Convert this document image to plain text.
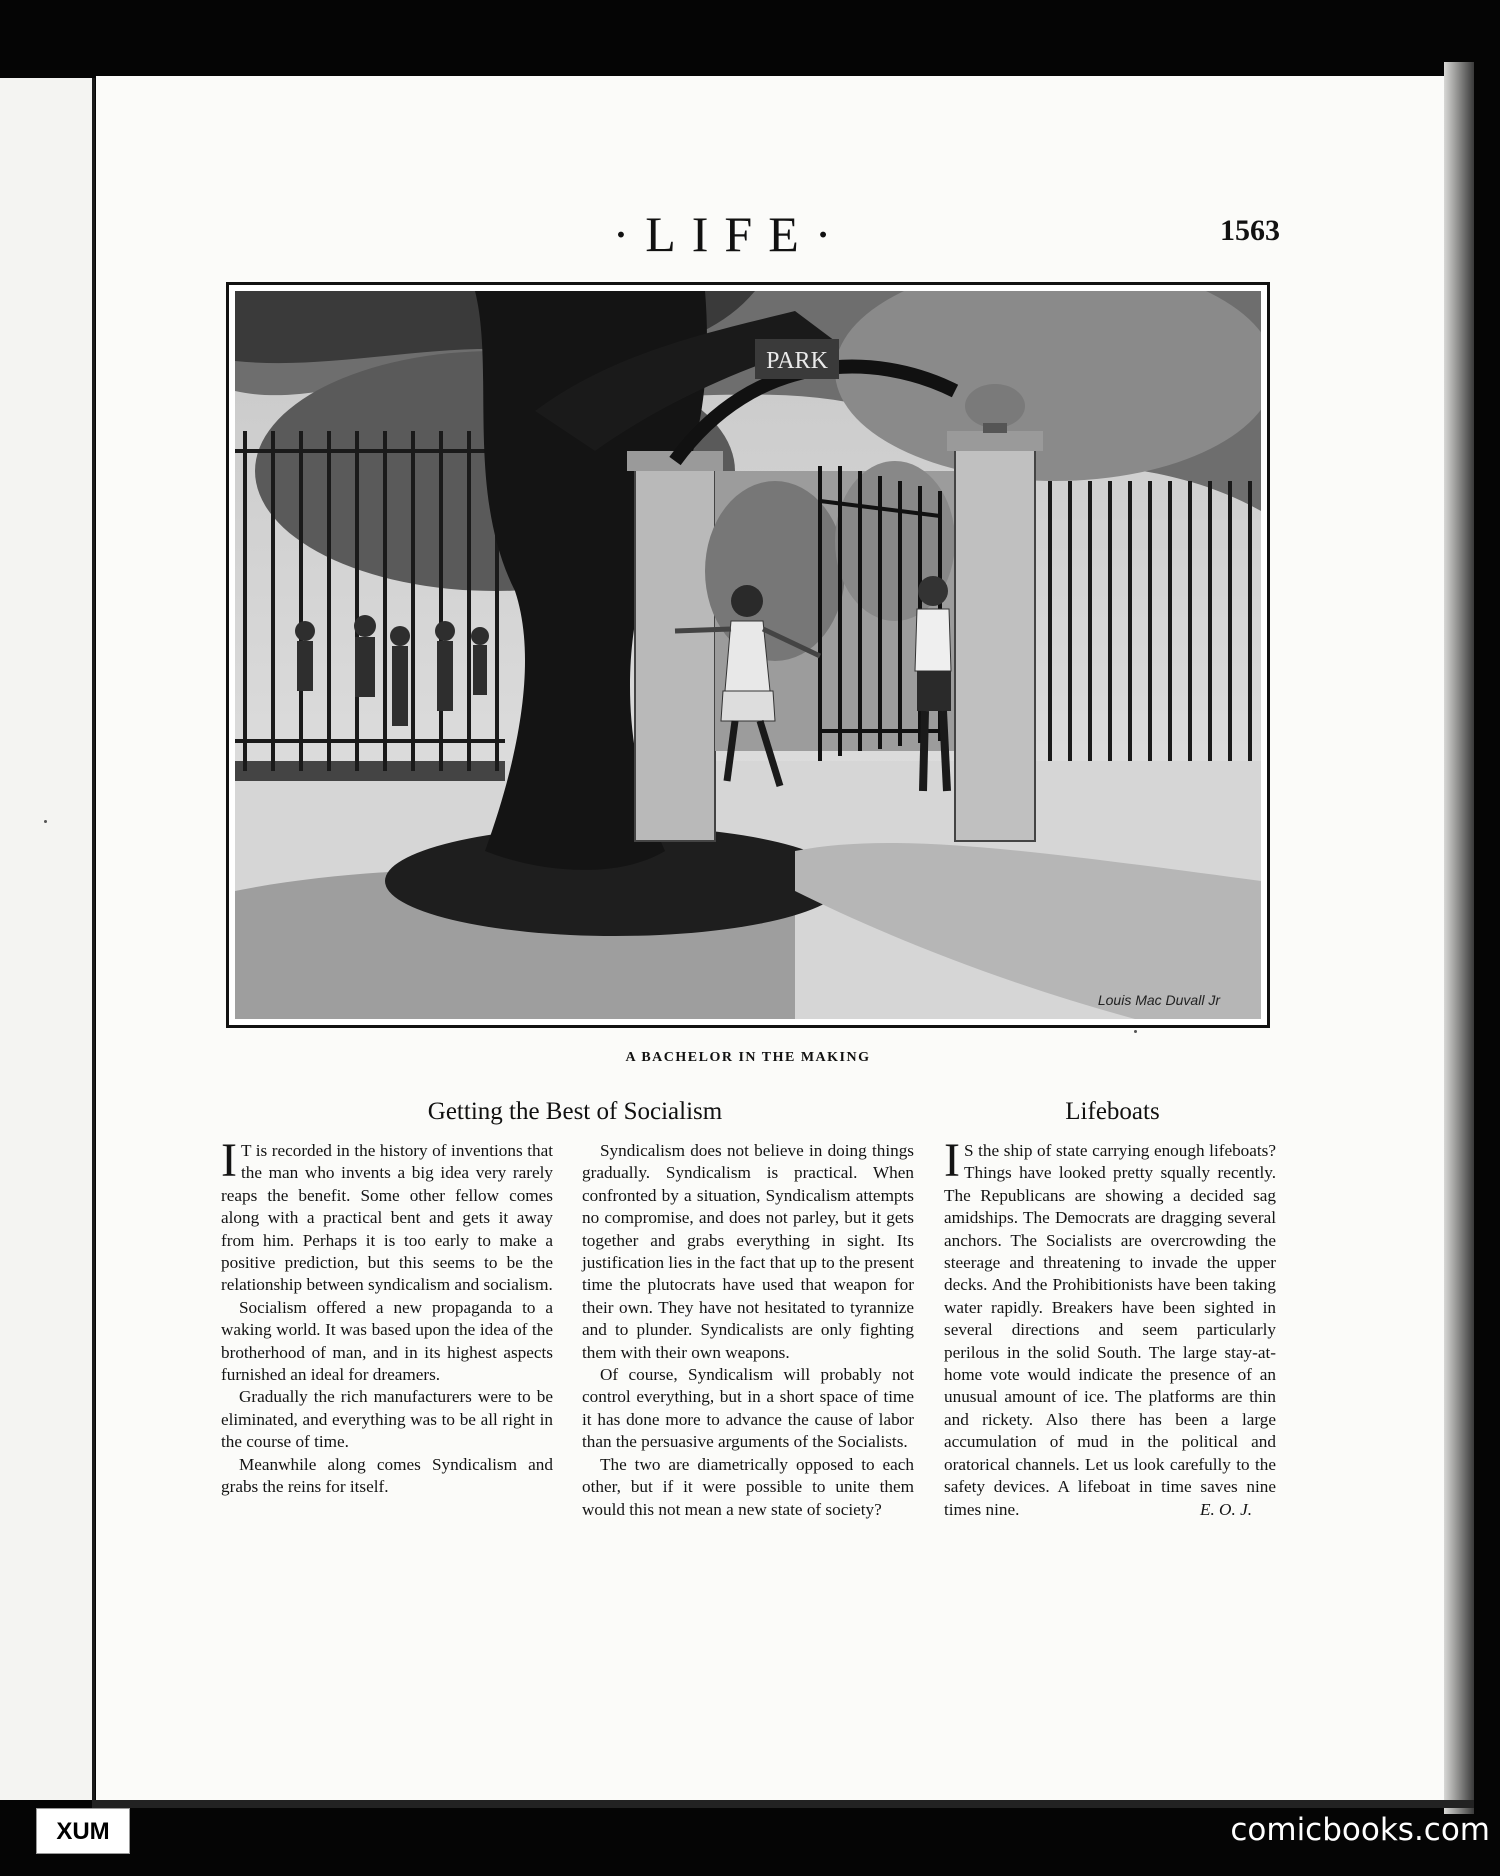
·LIFE·	1563
PARK
Louis Mac Duvall Jr
A BACHELOR IN THE MAKING
Getting the Best of Socialism	Lifeboats

I T is recorded in the history of inventions that the man who invents a big idea very rarely reaps the benefit. Some other fellow comes along with a practical bent and gets it away from him. Perhaps it is too early to make a positive prediction, but this seems to be the relationship between syndicalism and socialism.

Socialism offered a new propaganda to a waking world. It was based upon the idea of the brotherhood of man, and in its highest aspects furnished an ideal for dreamers.

Gradually the rich manufacturers were to be eliminated, and everything was to be all right in the course of time.

Meanwhile along comes Syndicalism and grabs the reins for itself.

Syndicalism does not believe in doing things gradually. Syndicalism is practical. When confronted by a situation, Syndicalism attempts no compromise, and does not parley, but it gets together and grabs everything in sight. Its justification lies in the fact that up to the present time the plutocrats have used that weapon for their own. They have not hesitated to tyrannize and to plunder. Syndicalists are only fighting them with their own weapons.

Of course, Syndicalism will probably not control everything, but in a short space of time it has done more to advance the cause of labor than the persuasive arguments of the Socialists.

The two are diametrically opposed to each other, but if it were possible to unite them would this not mean a new state of society?

I S the ship of state carrying enough lifeboats? Things have looked pretty squally recently. The Republicans are showing a decided sag amidships. The Democrats are dragging several anchors. The Socialists are overcrowding the steerage and threatening to invade the upper decks. And the Prohibitionists have been taking water rapidly. Breakers have been sighted in several directions and seem particularly perilous in the solid South. The large stay-at-home vote would indicate the presence of an unusual amount of ice. The platforms are thin and rickety. Also there has been a large accumulation of mud in the political and oratorical channels. Let us look carefully to the safety devices. A lifeboat in time saves nine times nine.	E. O. J.

XUM	comicbooks.com
